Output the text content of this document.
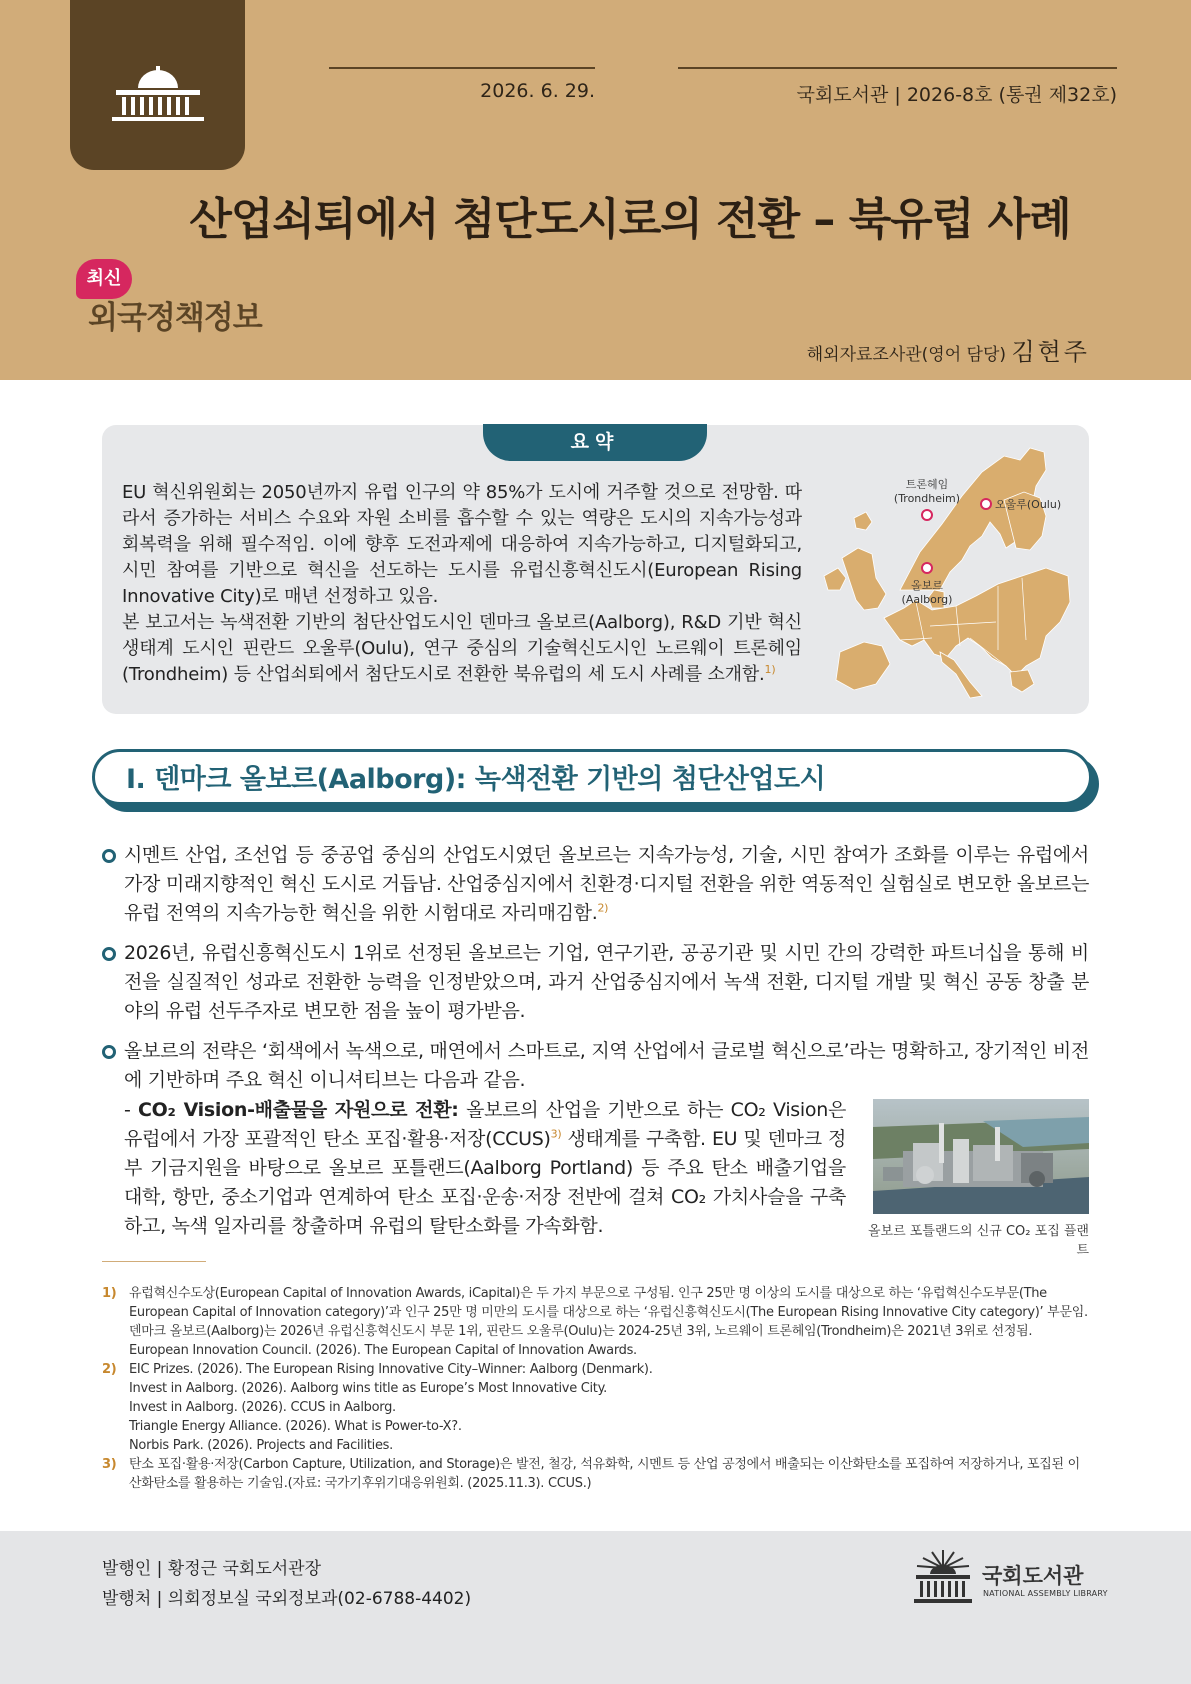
2026. 6. 29.	국회도서관 | 2026-8호 (통권 제32호)
산업쇠퇴에서 첨단도시로의 전환 – 북유럽 사례
최신
외국정책정보
해외자료조사관(영어 담당) 김현주
요약

EU 혁신위원회는 2050년까지 유럽 인구의 약 85%가 도시에 거주할 것으로 전망함. 따라서 증가하는 서비스 수요와 자원 소비를 흡수할 수 있는 역량은 도시의 지속가능성과 회복력을 위해 필수적임. 이에 향후 도전과제에 대응하여 지속가능하고, 디지털화되고, 시민 참여를 기반으로 혁신을 선도하는 도시를 유럽신흥혁신도시(European Rising Innovative City)로 매년 선정하고 있음.

본 보고서는 녹색전환 기반의 첨단산업도시인 덴마크 올보르(Aalborg), R&D 기반 혁신 생태계 도시인 핀란드 오울루(Oulu), 연구 중심의 기술혁신도시인 노르웨이 트론헤임(Trondheim) 등 산업쇠퇴에서 첨단도시로 전환한 북유럽의 세 도시 사례를 소개함.$^{1)}$

트론헤임
(Trondheim)	오울루(Oulu)
올보르
(Aalborg)
Ⅰ. 덴마크 올보르(Aalborg): 녹색전환 기반의 첨단산업도시
시멘트 산업, 조선업 등 중공업 중심의 산업도시였던 올보르는 지속가능성, 기술, 시민 참여가 조화를 이루는 유럽에서 가장 미래지향적인 혁신 도시로 거듭남. 산업중심지에서 친환경·디지털 전환을 위한 역동적인 실험실로 변모한 올보르는 유럽 전역의 지속가능한 혁신을 위한 시험대로 자리매김함.$^{2)}$
2026년, 유럽신흥혁신도시 1위로 선정된 올보르는 기업, 연구기관, 공공기관 및 시민 간의 강력한 파트너십을 통해 비전을 실질적인 성과로 전환한 능력을 인정받았으며, 과거 산업중심지에서 녹색 전환, 디지털 개발 및 혁신 공동 창출 분야의 유럽 선두주자로 변모한 점을 높이 평가받음.
올보르의 전략은 ‘회색에서 녹색으로, 매연에서 스마트로, 지역 산업에서 글로벌 혁신으로’라는 명확하고, 장기적인 비전에 기반하며 주요 혁신 이니셔티브는 다음과 같음.
- CO₂ Vision-배출물을 자원으로 전환: 올보르의 산업을 기반으로 하는 CO₂ Vision은 유럽에서 가장 포괄적인 탄소 포집·활용·저장(CCUS)$^{3)}$ 생태계를 구축함. EU 및 덴마크 정부 기금지원을 바탕으로 올보르 포틀랜드(Aalborg Portland) 등 주요 탄소 배출기업을 대학, 항만, 중소기업과 연계하여 탄소 포집·운송·저장 전반에 걸쳐 CO₂ 가치사슬을 구축하고, 녹색 일자리를 창출하며 유럽의 탈탄소화를 가속화함.	올보르 포틀랜드의 신규 CO₂ 포집 플랜트
1) 유럽혁신수도상(European Capital of Innovation Awards, iCapital)은 두 가지 부문으로 구성됨. 인구 25만 명 이상의 도시를 대상으로 하는 ‘유럽혁신수도부문(The European Capital of Innovation category)’과 인구 25만 명 미만의 도시를 대상으로 하는 ‘유럽신흥혁신도시(The European Rising Innovative City category)’ 부문임. 덴마크 올보르(Aalborg)는 2026년 유럽신흥혁신도시 부문 1위, 핀란드 오울루(Oulu)는 2024-25년 3위, 노르웨이 트론헤임(Trondheim)은 2021년 3위로 선정됨.
European Innovation Council. (2026). The European Capital of Innovation Awards.
2) EIC Prizes. (2026). The European Rising Innovative City–Winner: Aalborg (Denmark).
Invest in Aalborg. (2026). Aalborg wins title as Europe’s Most Innovative City.
Invest in Aalborg. (2026). CCUS in Aalborg.
Triangle Energy Alliance. (2026). What is Power-to-X?.
Norbis Park. (2026). Projects and Facilities.
3) 탄소 포집·활용·저장(Carbon Capture, Utilization, and Storage)은 발전, 철강, 석유화학, 시멘트 등 산업 공정에서 배출되는 이산화탄소를 포집하여 저장하거나, 포집된 이산화탄소를 활용하는 기술임.(자료: 국가기후위기대응위원회. (2025.11.3). CCUS.)
발행인 | 황정근 국회도서관장
발행처 | 의회정보실 국외정보과(02-6788-4402)
국회도서관
NATIONAL ASSEMBLY LIBRARY
